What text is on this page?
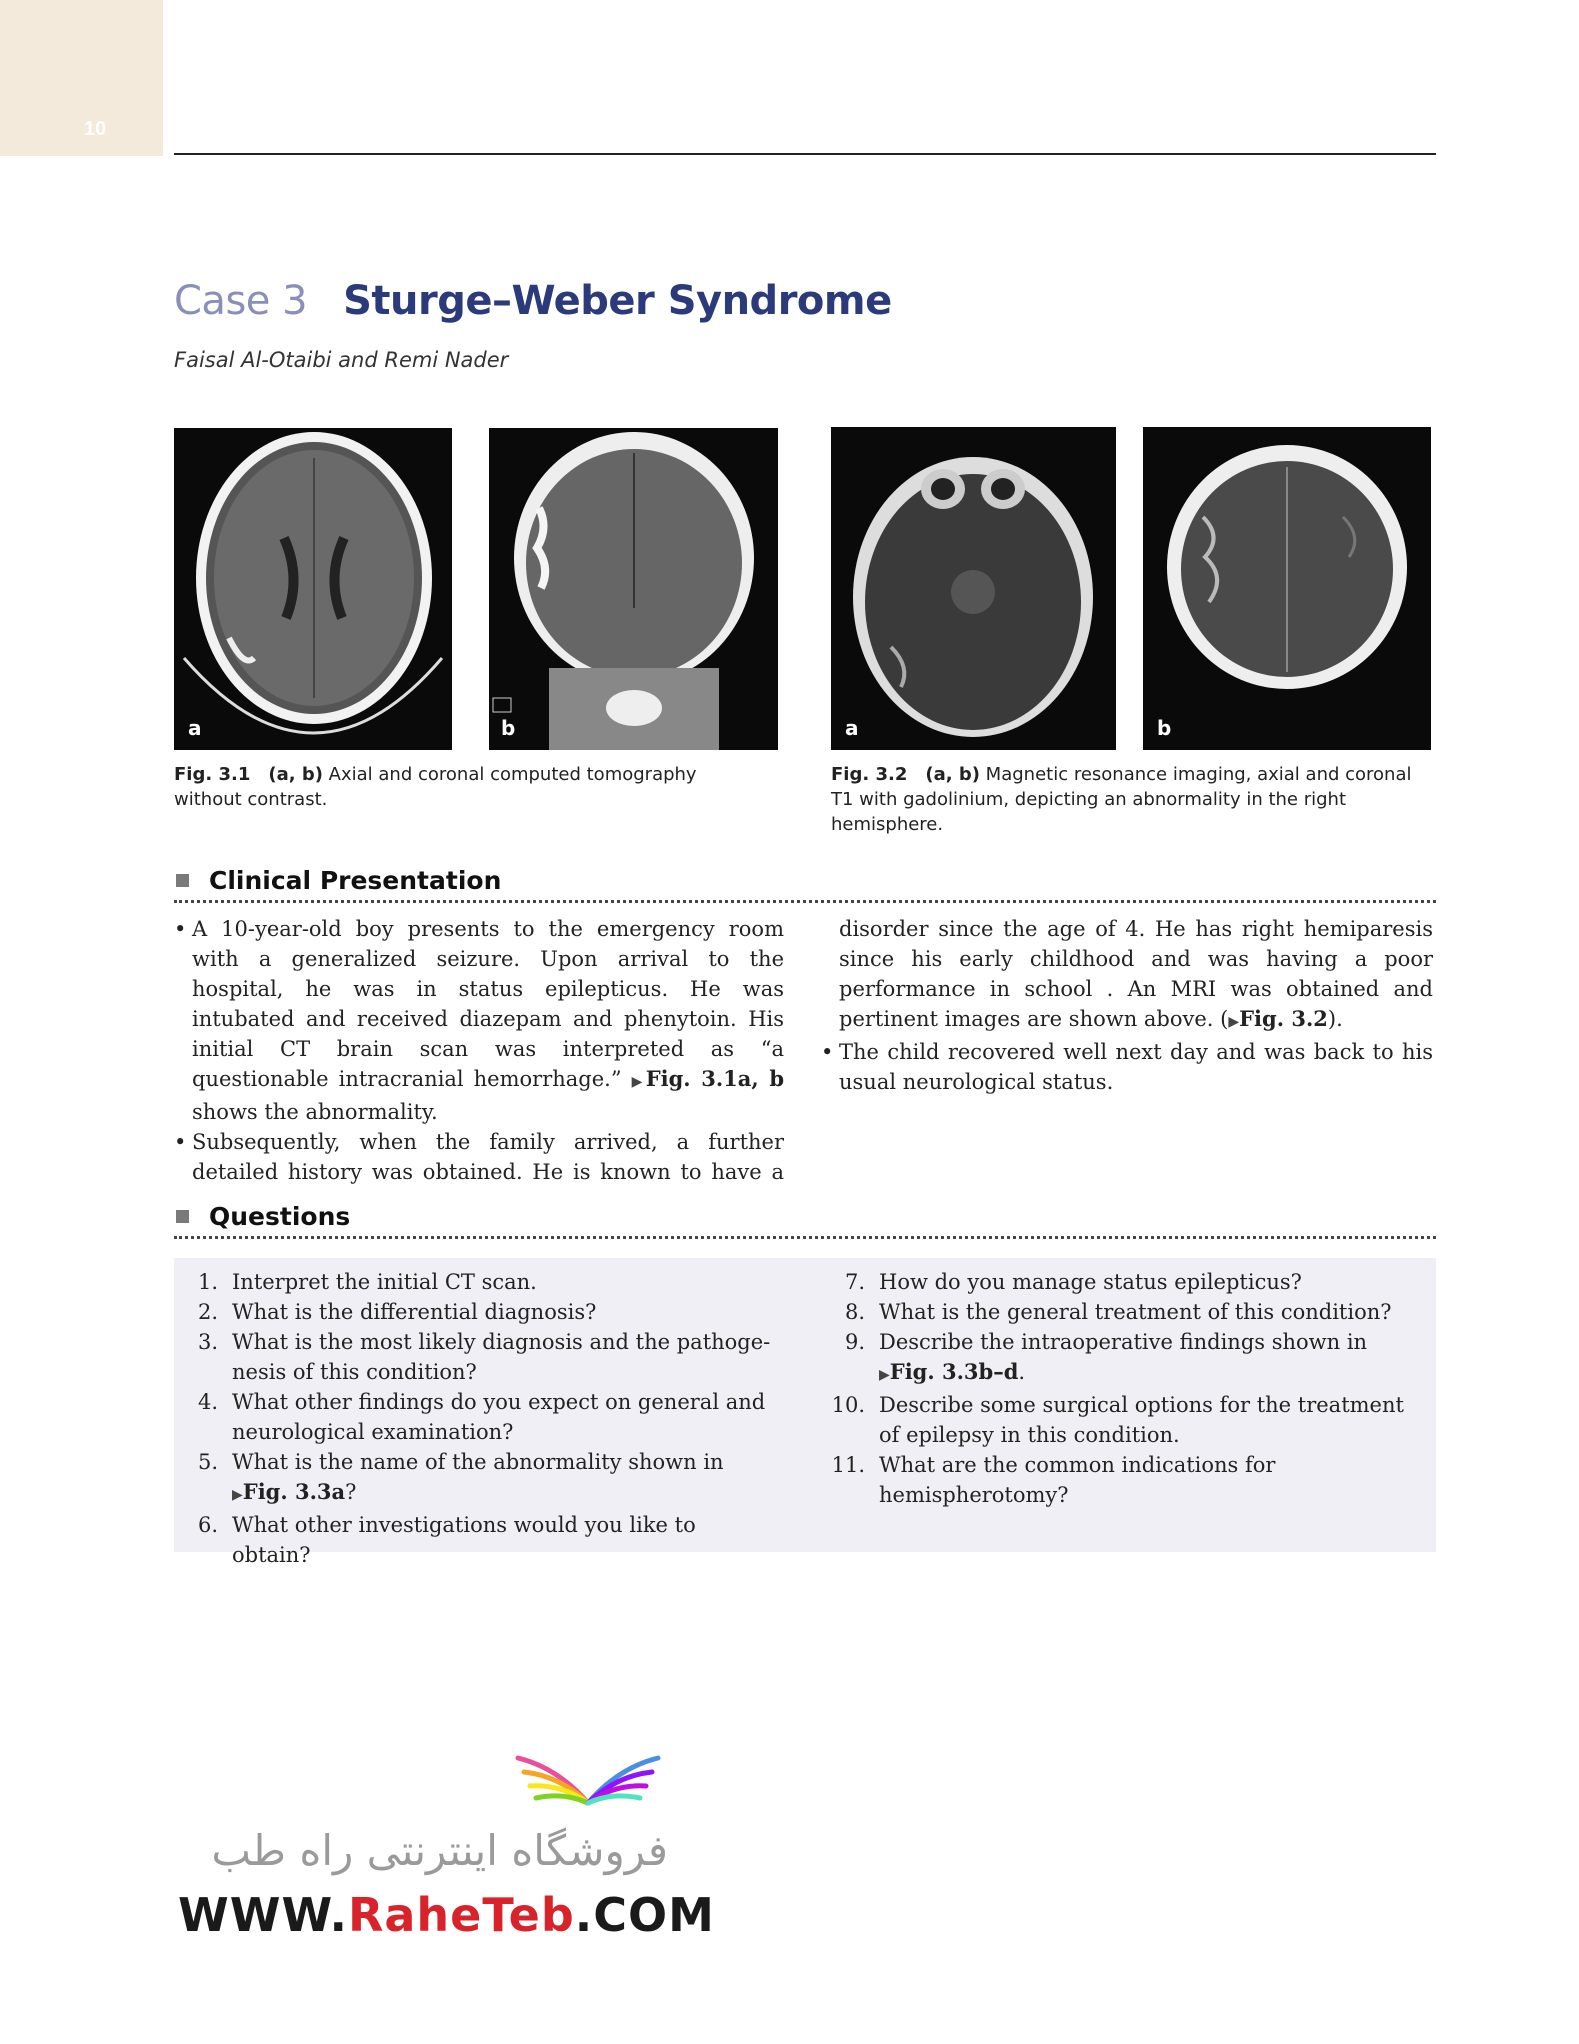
10
Case 3 Sturge–Weber Syndrome
Faisal Al-Otaibi and Remi Nader
a	b	a	b
Fig. 3.1 (a, b) Axial and coronal computed tomography without contrast.
Fig. 3.2 (a, b) Magnetic resonance imaging, axial and coronal T1 with gadolinium, depicting an abnormality in the right hemisphere.
Clinical Presentation
• A 10-year-old boy presents to the emergency room with a generalized seizure. Upon arrival to the hospital, he was in status epilepticus. He was intubated and received diazepam and phenytoin. His initial CT brain scan was interpreted as “a questionable intracranial hemorrhage.” ▶Fig. 3.1a, b shows the abnormality.
• Subsequently, when the family arrived, a further detailed history was obtained. He is known to have a
disorder since the age of 4. He has right hemiparesis since his early childhood and was having a poor performance in school . An MRI was obtained and pertinent images are shown above. (▶Fig. 3.2).
• The child recovered well next day and was back to his usual neurological status.
Questions
1. Interpret the initial CT scan.
2. What is the differential diagnosis?
3. What is the most likely diagnosis and the pathoge-nesis of this condition?
4. What other findings do you expect on general and neurological examination?
5. What is the name of the abnormality shown in
▶Fig. 3.3a?
6. What other investigations would you like to obtain?
7. How do you manage status epilepticus?
8. What is the general treatment of this condition?
9. Describe the intraoperative findings shown in
▶Fig. 3.3b–d.
10. Describe some surgical options for the treatment of epilepsy in this condition.
11. What are the common indications for hemispherotomy?
فروشگاه اینترنتی راه طب
WWW.RaheTeb.COM
